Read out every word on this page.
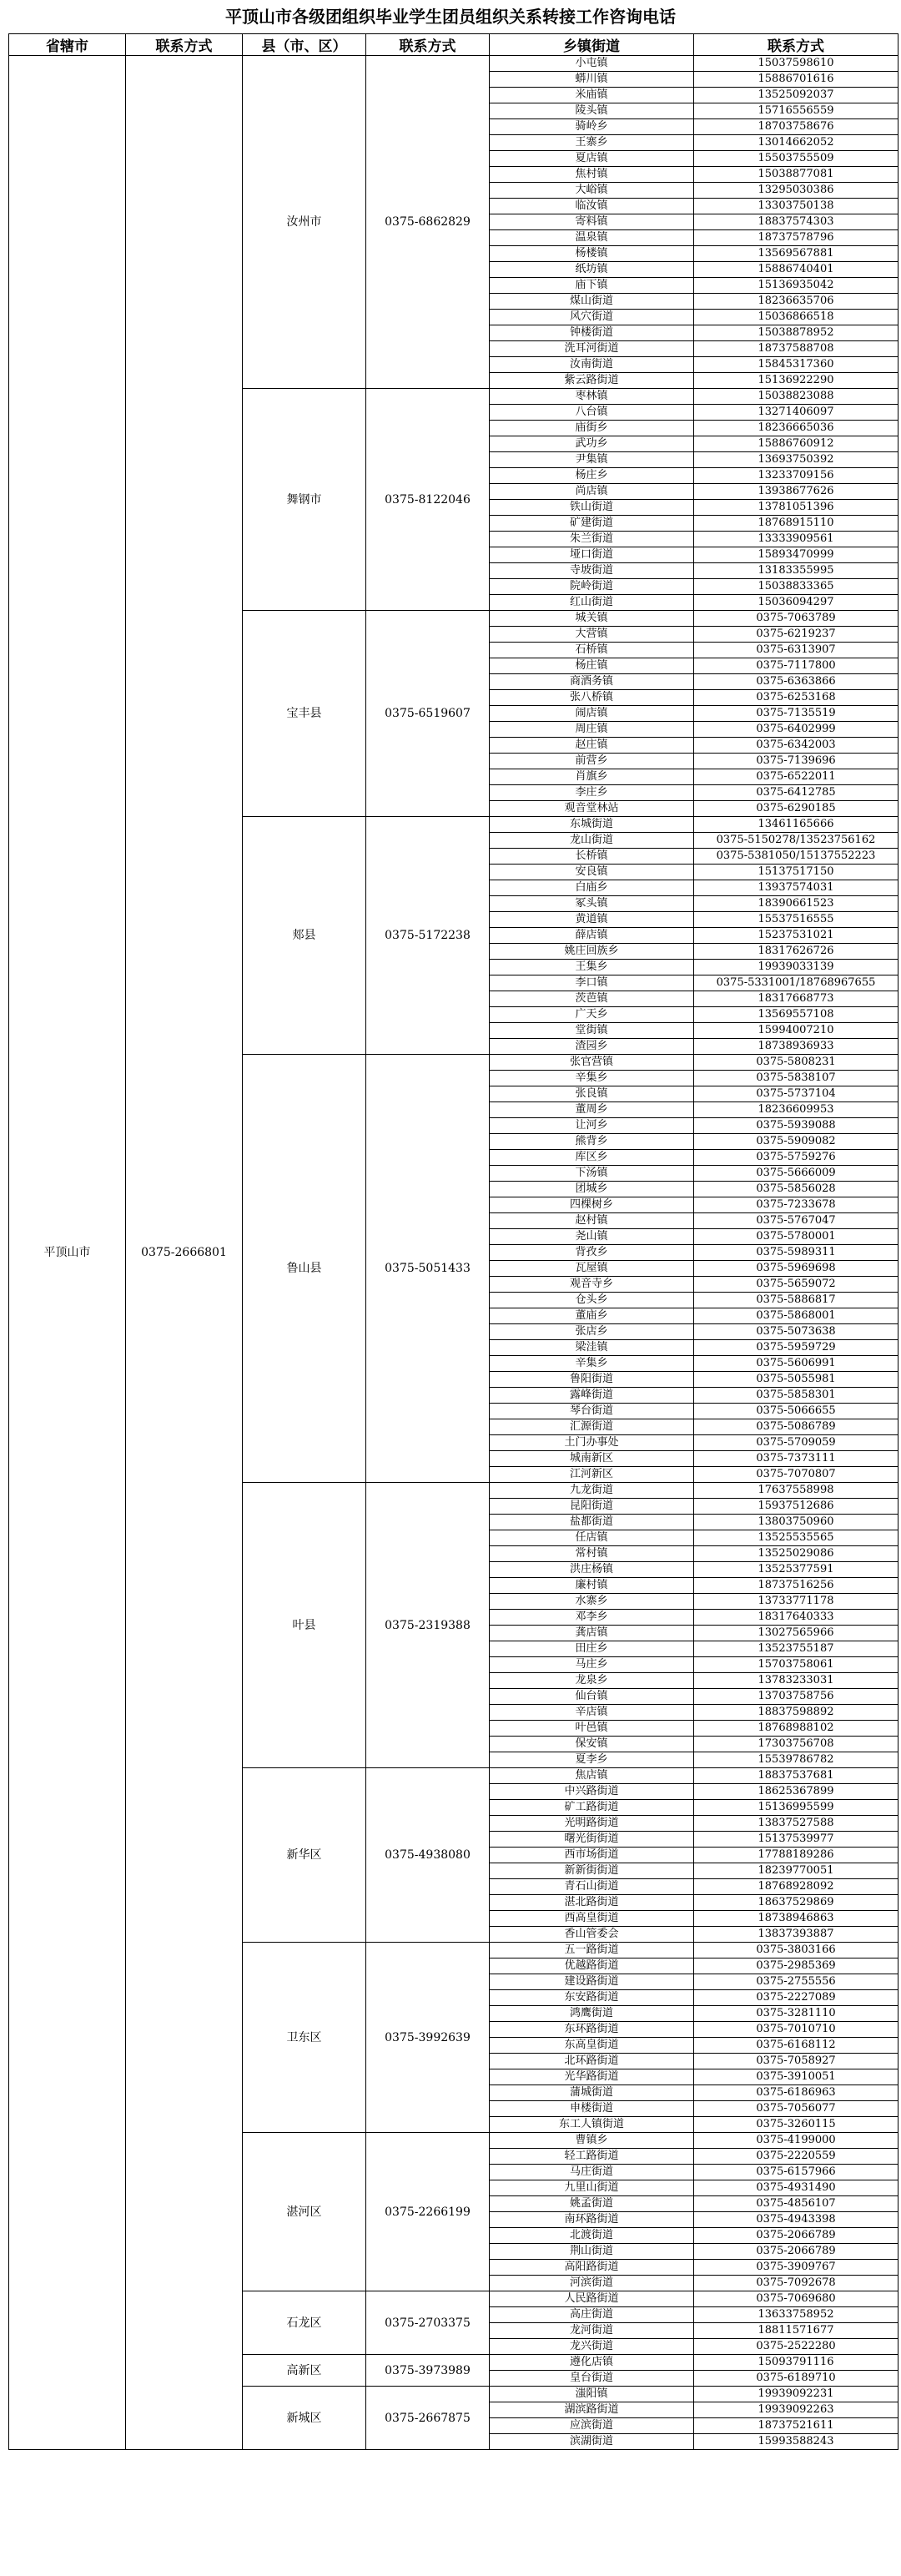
平顶山市各级团组织毕业学生团员组织关系转接工作咨询电话
省辖市	联系方式	县（市、区）	联系方式	乡镇街道	联系方式
平顶山市	0375-2666801	汝州市	0375-6862829	小屯镇	15037598610
				蟒川镇	15886701616
				米庙镇	13525092037
				陵头镇	15716556559
				骑岭乡	18703758676
				王寨乡	13014662052
				夏店镇	15503755509
				焦村镇	15038877081
				大峪镇	13295030386
				临汝镇	13303750138
				寄料镇	18837574303
				温泉镇	18737578796
				杨楼镇	13569567881
				纸坊镇	15886740401
				庙下镇	15136935042
				煤山街道	18236635706
				风穴街道	15036866518
				钟楼街道	15038878952
				洗耳河街道	18737588708
				汝南街道	15845317360
				紫云路街道	15136922290
		舞钢市	0375-8122046	枣林镇	15038823088
				八台镇	13271406097
				庙街乡	18236665036
				武功乡	15886760912
				尹集镇	13693750392
				杨庄乡	13233709156
				尚店镇	13938677626
				铁山街道	13781051396
				矿建街道	18768915110
				朱兰街道	13333909561
				垭口街道	15893470999
				寺坡街道	13183355995
				院岭街道	15038833365
				红山街道	15036094297
		宝丰县	0375-6519607	城关镇	0375-7063789
				大营镇	0375-6219237
				石桥镇	0375-6313907
				杨庄镇	0375-7117800
				商酒务镇	0375-6363866
				张八桥镇	0375-6253168
				闹店镇	0375-7135519
				周庄镇	0375-6402999
				赵庄镇	0375-6342003
				前营乡	0375-7139696
				肖旗乡	0375-6522011
				李庄乡	0375-6412785
				观音堂林站	0375-6290185
		郏县	0375-5172238	东城街道	13461165666
				龙山街道	0375-5150278/13523756162
				长桥镇	0375-5381050/15137552223
				安良镇	15137517150
				白庙乡	13937574031
				冢头镇	18390661523
				黄道镇	15537516555
				薛店镇	15237531021
				姚庄回族乡	18317626726
				王集乡	19939033139
				李口镇	0375-5331001/18768967655
				茨芭镇	18317668773
				广天乡	13569557108
				堂街镇	15994007210
				渣园乡	18738936933
		鲁山县	0375-5051433	张官营镇	0375-5808231
				辛集乡	0375-5838107
				张良镇	0375-5737104
				董周乡	18236609953
				让河乡	0375-5939088
				熊背乡	0375-5909082
				库区乡	0375-5759276
				下汤镇	0375-5666009
				团城乡	0375-5856028
				四棵树乡	0375-7233678
				赵村镇	0375-5767047
				尧山镇	0375-5780001
				背孜乡	0375-5989311
				瓦屋镇	0375-5969698
				观音寺乡	0375-5659072
				仓头乡	0375-5886817
				董庙乡	0375-5868001
				张店乡	0375-5073638
				梁洼镇	0375-5959729
				辛集乡	0375-5606991
				鲁阳街道	0375-5055981
				露峰街道	0375-5858301
				琴台街道	0375-5066655
				汇源街道	0375-5086789
				土门办事处	0375-5709059
				城南新区	0375-7373111
				江河新区	0375-7070807
		叶县	0375-2319388	九龙街道	17637558998
				昆阳街道	15937512686
				盐都街道	13803750960
				任店镇	13525535565
				常村镇	13525029086
				洪庄杨镇	13525377591
				廉村镇	18737516256
				水寨乡	13733771178
				邓李乡	18317640333
				龚店镇	13027565966
				田庄乡	13523755187
				马庄乡	15703758061
				龙泉乡	13783233031
				仙台镇	13703758756
				辛店镇	18837598892
				叶邑镇	18768988102
				保安镇	17303756708
				夏李乡	15539786782
		新华区	0375-4938080	焦店镇	18837537681
				中兴路街道	18625367899
				矿工路街道	15136995599
				光明路街道	13837527588
				曙光街街道	15137539977
				西市场街道	17788189286
				新新街街道	18239770051
				青石山街道	18768928092
				湛北路街道	18637529869
				西高皇街道	18738946863
				香山管委会	13837393887
		卫东区	0375-3992639	五一路街道	0375-3803166
				优越路街道	0375-2985369
				建设路街道	0375-2755556
				东安路街道	0375-2227089
				鸿鹰街道	0375-3281110
				东环路街道	0375-7010710
				东高皇街道	0375-6168112
				北环路街道	0375-7058927
				光华路街道	0375-3910051
				蒲城街道	0375-6186963
				申楼街道	0375-7056077
				东工人镇街道	0375-3260115
		湛河区	0375-2266199	曹镇乡	0375-4199000
				轻工路街道	0375-2220559
				马庄街道	0375-6157966
				九里山街道	0375-4931490
				姚孟街道	0375-4856107
				南环路街道	0375-4943398
				北渡街道	0375-2066789
				荆山街道	0375-2066789
				高阳路街道	0375-3909767
				河滨街道	0375-7092678
		石龙区	0375-2703375	人民路街道	0375-7069680
				高庄街道	13633758952
				龙河街道	18811571677
				龙兴街道	0375-2522280
		高新区	0375-3973989	遵化店镇	15093791116
				皇台街道	0375-6189710
		新城区	0375-2667875	滍阳镇	19939092231
				湖滨路街道	19939092263
				应滨街道	18737521611
				滨湖街道	15993588243
